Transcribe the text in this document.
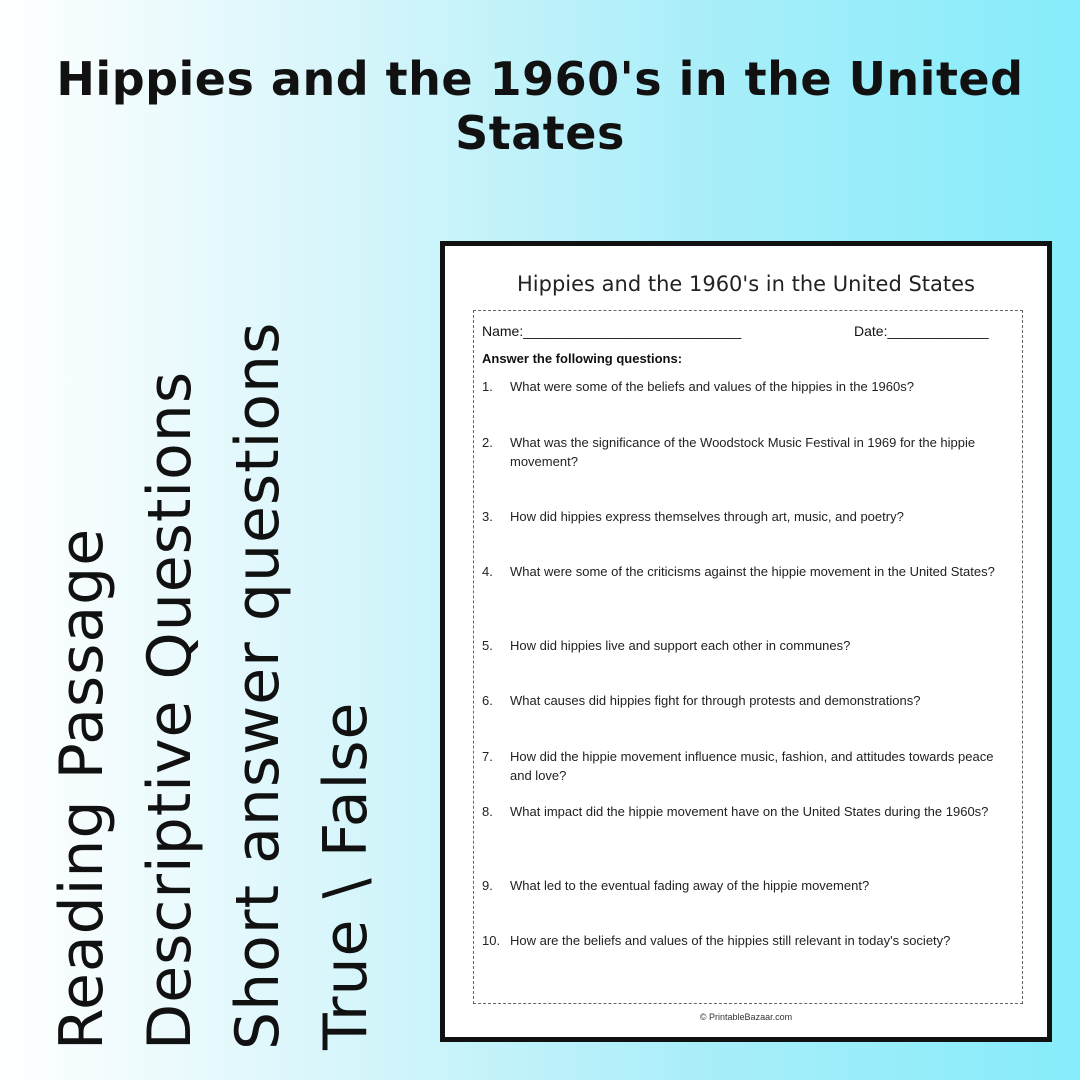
Hippies and the 1960's in the United States
Reading Passage Descriptive Questions Short answer questions True \ False
Hippies and the 1960's in the United States
Name:____________________________	Date:_____________
Answer the following questions:
1.	What were some of the beliefs and values of the hippies in the 1960s?
2.	What was the significance of the Woodstock Music Festival in 1969 for the hippie movement?
3.	How did hippies express themselves through art, music, and poetry?
4.	What were some of the criticisms against the hippie movement in the United States?
5.	How did hippies live and support each other in communes?
6.	What causes did hippies fight for through protests and demonstrations?
7.	How did the hippie movement influence music, fashion, and attitudes towards peace and love?
8.	What impact did the hippie movement have on the United States during the 1960s?
9.	What led to the eventual fading away of the hippie movement?
10. How are the beliefs and values of the hippies still relevant in today's society?
© PrintableBazaar.com
